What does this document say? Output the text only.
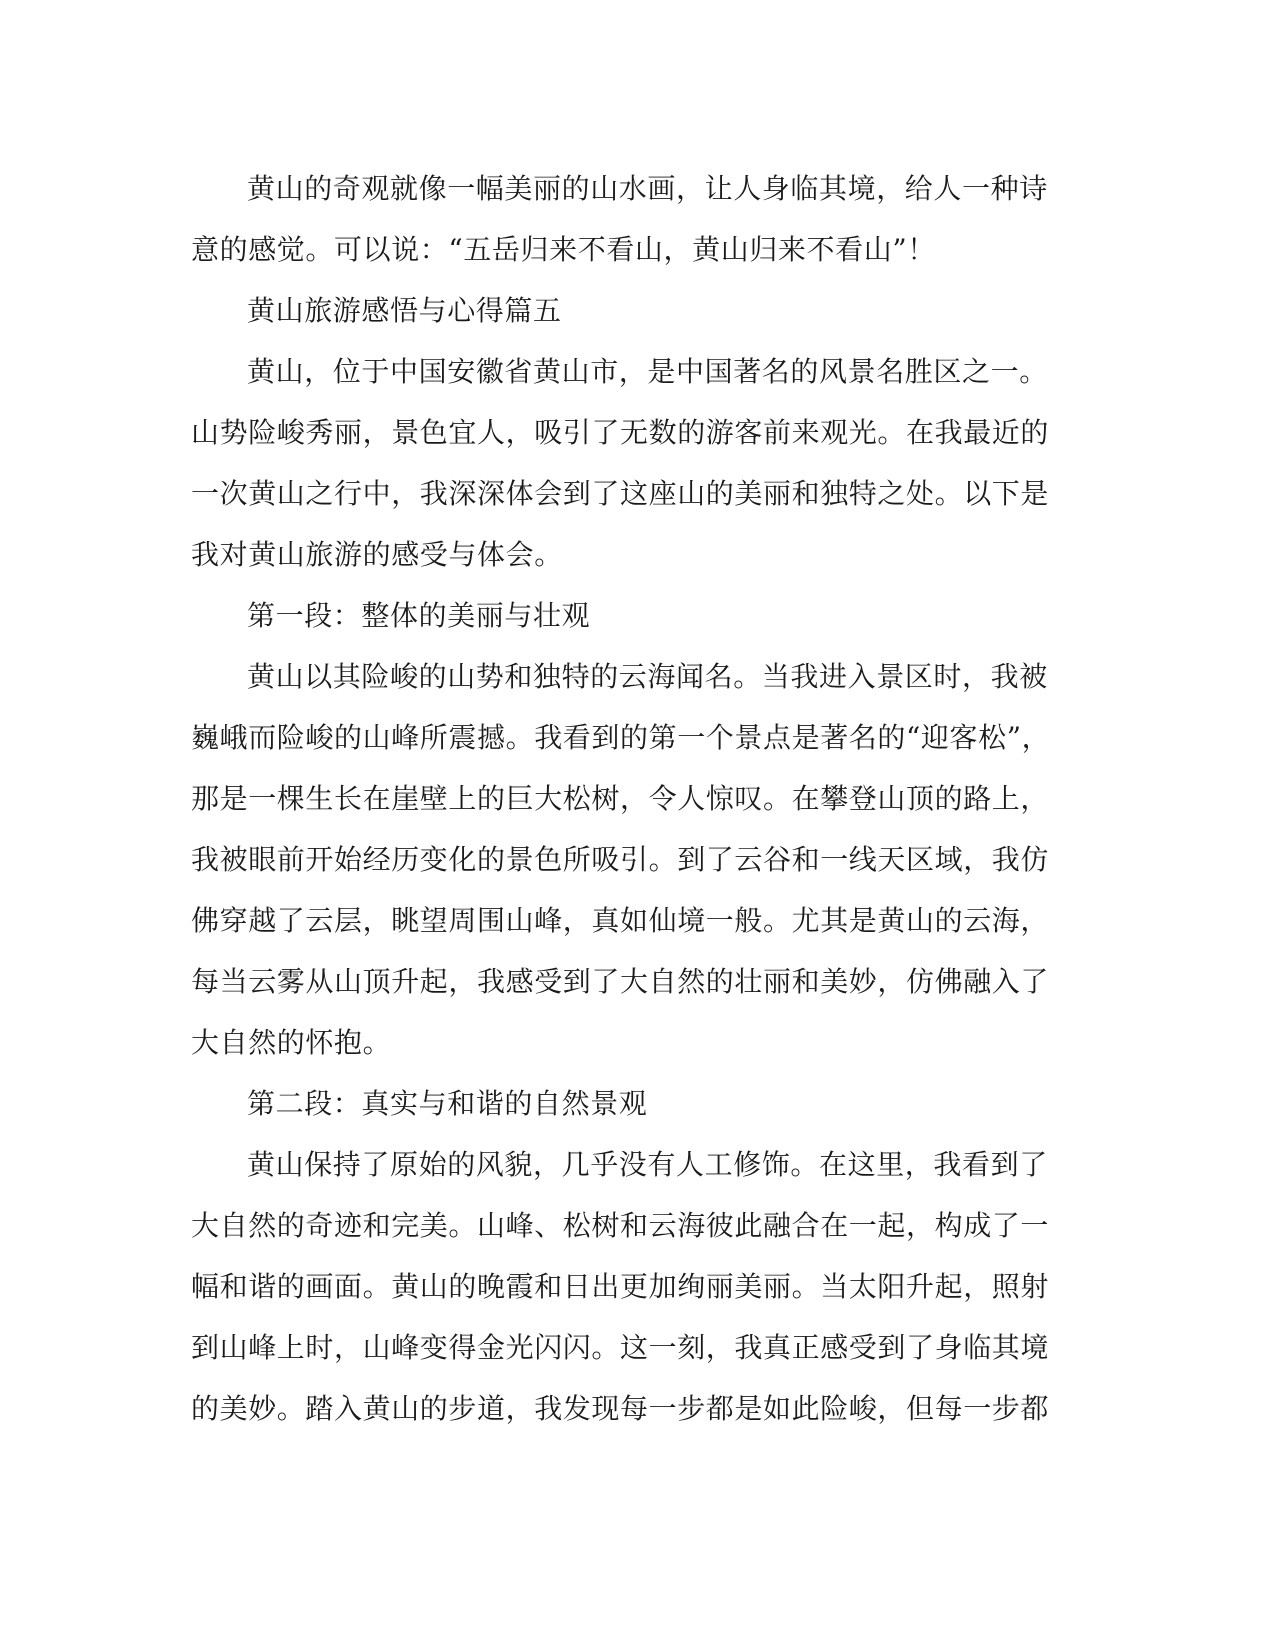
黄山的奇观就像一幅美丽的山水画，让人身临其境，给人一种诗
意的感觉。可以说：“五岳归来不看山，黄山归来不看山”！

黄山旅游感悟与心得篇五

黄山，位于中国安徽省黄山市，是中国著名的风景名胜区之一。
山势险峻秀丽，景色宜人，吸引了无数的游客前来观光。在我最近的
一次黄山之行中，我深深体会到了这座山的美丽和独特之处。以下是
我对黄山旅游的感受与体会。

第一段：整体的美丽与壮观

黄山以其险峻的山势和独特的云海闻名。当我进入景区时，我被
巍峨而险峻的山峰所震撼。我看到的第一个景点是著名的“迎客松”，
那是一棵生长在崖壁上的巨大松树，令人惊叹。在攀登山顶的路上，
我被眼前开始经历变化的景色所吸引。到了云谷和一线天区域，我仿
佛穿越了云层，眺望周围山峰，真如仙境一般。尤其是黄山的云海，
每当云雾从山顶升起，我感受到了大自然的壮丽和美妙，仿佛融入了
大自然的怀抱。

第二段：真实与和谐的自然景观

黄山保持了原始的风貌，几乎没有人工修饰。在这里，我看到了
大自然的奇迹和完美。山峰、松树和云海彼此融合在一起，构成了一
幅和谐的画面。黄山的晚霞和日出更加绚丽美丽。当太阳升起，照射
到山峰上时，山峰变得金光闪闪。这一刻，我真正感受到了身临其境
的美妙。踏入黄山的步道，我发现每一步都是如此险峻，但每一步都
